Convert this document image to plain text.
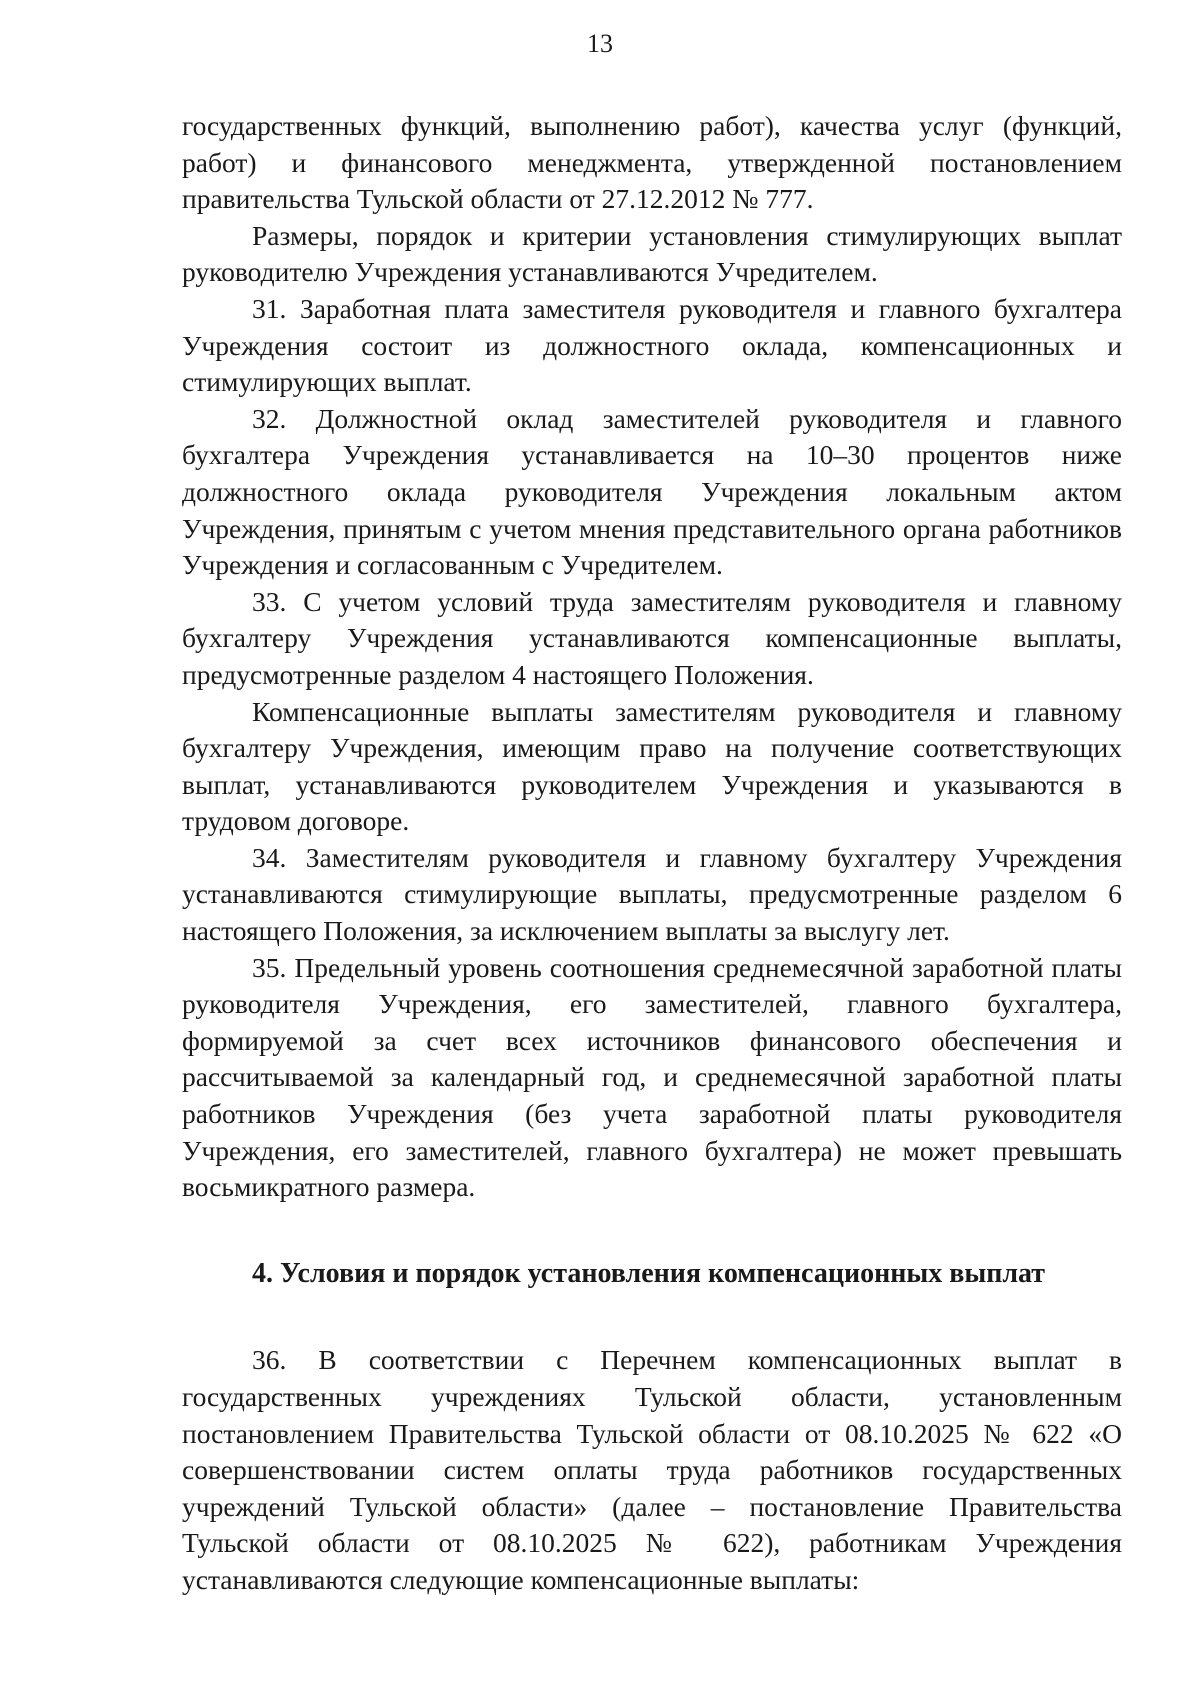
13

государственных функций, выполнению работ), качества услуг (функций, работ) и финансового менеджмента, утвержденной постановлением правительства Тульской области от 27.12.2012 № 777.

Размеры, порядок и критерии установления стимулирующих выплат руководителю Учреждения устанавливаются Учредителем.

31. Заработная плата заместителя руководителя и главного бухгалтера Учреждения состоит из должностного оклада, компенсационных и стимулирующих выплат.

32. Должностной оклад заместителей руководителя и главного бухгалтера Учреждения устанавливается на 10–30 процентов ниже должностного оклада руководителя Учреждения локальным актом Учреждения, принятым с учетом мнения представительного органа работников Учреждения и согласованным с Учредителем.

33. С учетом условий труда заместителям руководителя и главному бухгалтеру Учреждения устанавливаются компенсационные выплаты, предусмотренные разделом 4 настоящего Положения.

Компенсационные выплаты заместителям руководителя и главному бухгалтеру Учреждения, имеющим право на получение соответствующих выплат, устанавливаются руководителем Учреждения и указываются в трудовом договоре.

34. Заместителям руководителя и главному бухгалтеру Учреждения устанавливаются стимулирующие выплаты, предусмотренные разделом 6 настоящего Положения, за исключением выплаты за выслугу лет.

35. Предельный уровень соотношения среднемесячной заработной платы руководителя Учреждения, его заместителей, главного бухгалтера, формируемой за счет всех источников финансового обеспечения и рассчитываемой за календарный год, и среднемесячной заработной платы работников Учреждения (без учета заработной платы руководителя Учреждения, его заместителей, главного бухгалтера) не может превышать восьмикратного размера.

4. Условия и порядок установления компенсационных выплат

36. В соответствии с Перечнем компенсационных выплат в государственных учреждениях Тульской области, установленным постановлением Правительства Тульской области от 08.10.2025 № 622 «О совершенствовании систем оплаты труда работников государственных учреждений Тульской области» (далее – постановление Правительства Тульской области от 08.10.2025 № 622), работникам Учреждения устанавливаются следующие компенсационные выплаты:
